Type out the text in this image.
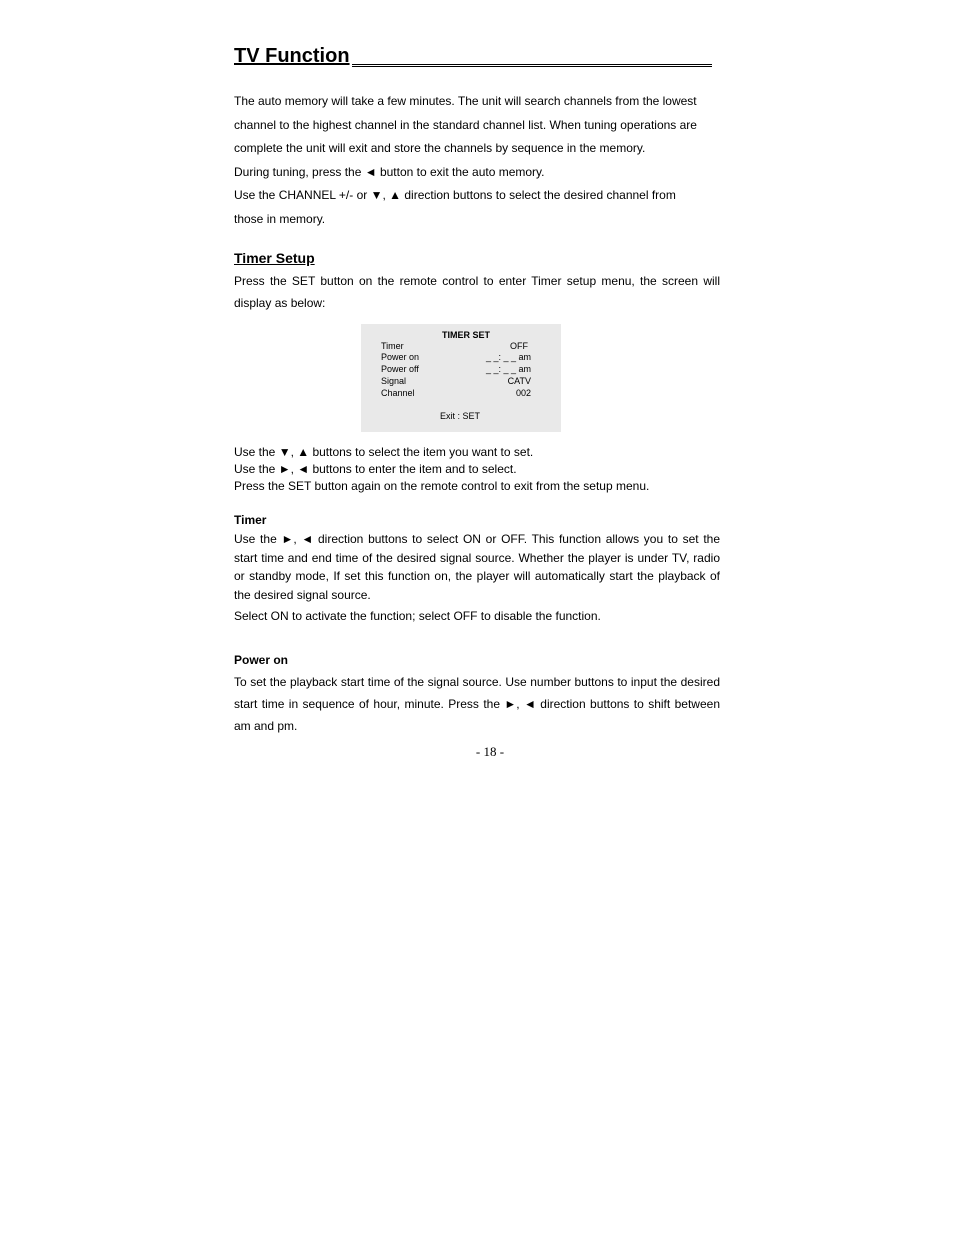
TV Function
The auto memory will take a few minutes. The unit will search channels from the lowest
channel to the highest channel in the standard channel list. When tuning operations are
complete the unit will exit and store the channels by sequence in the memory.
During tuning, press the ◄ button to exit the auto memory.
Use the CHANNEL +/- or ▼, ▲ direction buttons to select the desired channel from
those in memory.
Timer Setup

Press the SET button on the remote control to enter Timer setup menu, the screen will display as below:

TIMER SET
Timer	OFF
Power on	_ _: _ _ am
Power off	_ _: _ _ am
Signal	CATV
Channel	002
Exit : SET
Use the ▼, ▲ buttons to select the item you want to set.
Use the ►, ◄ buttons to enter the item and to select.
Press the SET button again on the remote control to exit from the setup menu.
Timer

Use the ►, ◄ direction buttons to select ON or OFF. This function allows you to set the start time and end time of the desired signal source. Whether the player is under TV, radio or standby mode, If set this function on, the player will automatically start the playback of the desired signal source.

Select ON to activate the function; select OFF to disable the function.

Power on

To set the playback start time of the signal source. Use number buttons to input the desired start time in sequence of hour, minute. Press the ►, ◄ direction buttons to shift between am and pm.

- 18 -
